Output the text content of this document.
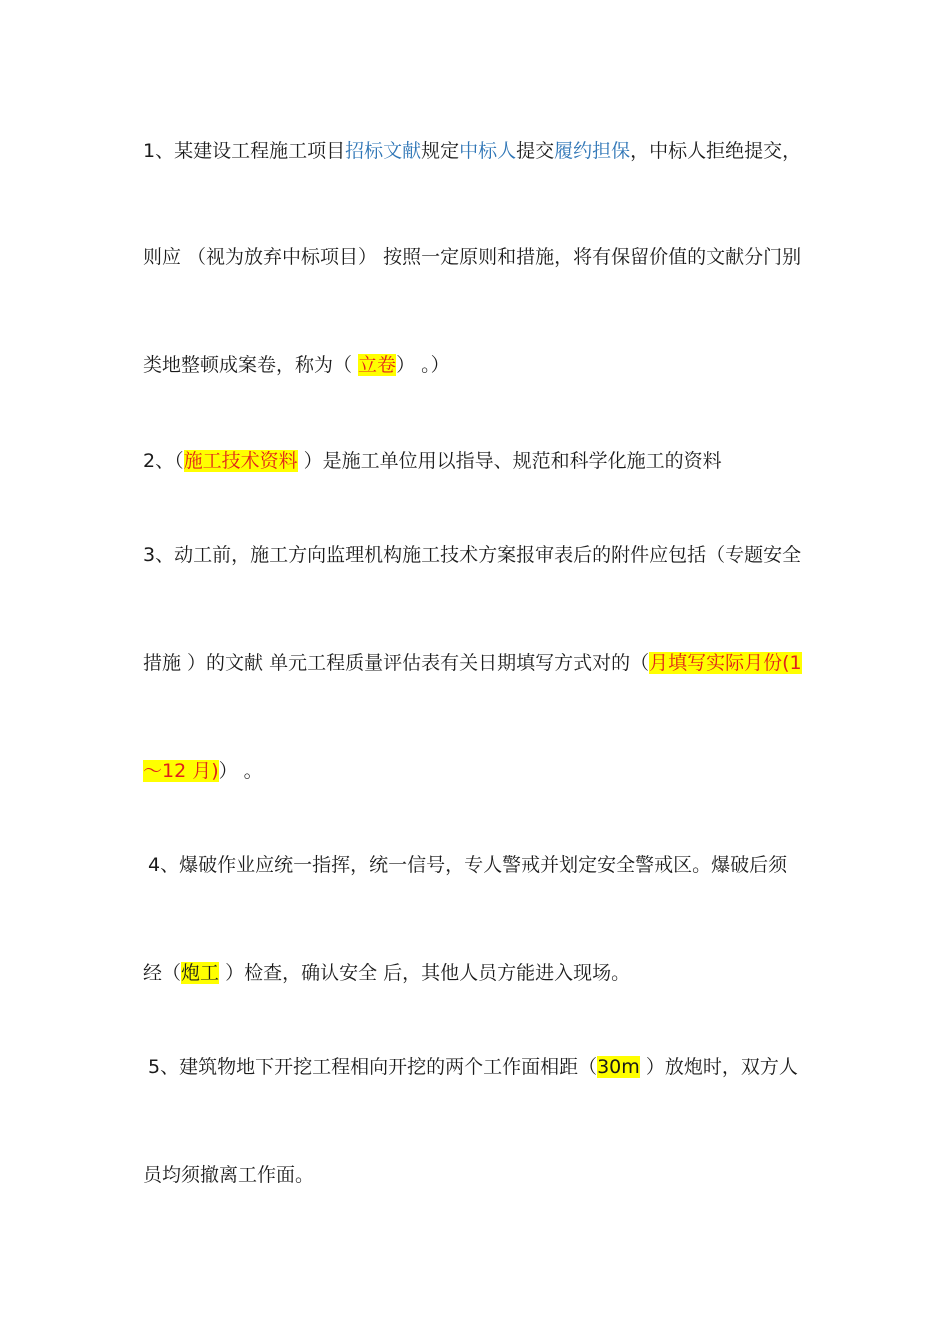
1、某建设工程施工项目招标文献规定中标人提交履约担保，中标人拒绝提交，
则应 （视为放弃中标项目） 按照一定原则和措施，将有保留价值的文献分门别
类地整顿成案卷，称为（ 立卷） 。）
2、（施工技术资料 ）是施工单位用以指导、规范和科学化施工的资料
3、动工前，施工方向监理机构施工技术方案报审表后的附件应包括（专题安全
措施 ）的文献 单元工程质量评估表有关日期填写方式对的（月填写实际月份(1
～12 月)） 。
4、爆破作业应统一指挥，统一信号，专人警戒并划定安全警戒区。爆破后须
经（炮工 ）检查，确认安全 后，其他人员方能进入现场。
5、建筑物地下开挖工程相向开挖的两个工作面相距（30m ）放炮时，双方人
员均须撤离工作面。
